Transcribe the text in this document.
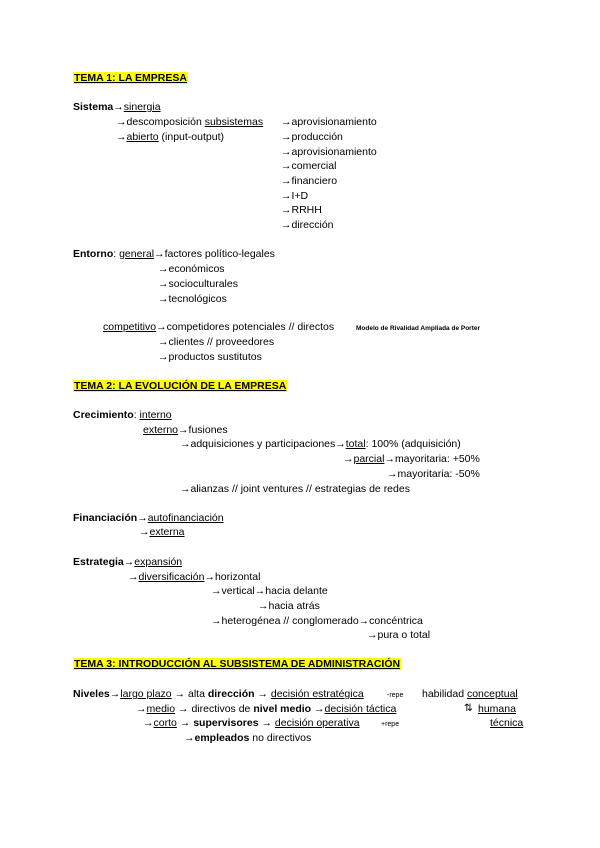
TEMA 1: LA EMPRESA
Sistema→sinergia
→descomposición subsistemas
→abierto (input-output)
→aprovisionamiento
→producción
→aprovisionamiento
→comercial
→financiero
→I+D
→RRHH
→dirección
Entorno: general→factores político-legales
→económicos
→socioculturales
→tecnológicos
competitivo→competidores potenciales // directos	Modelo de Rivalidad Ampliada de Porter
→clientes // proveedores
→productos sustitutos
TEMA 2: LA EVOLUCIÓN DE LA EMPRESA
Crecimiento: interno
externo→fusiones
→adquisiciones y participaciones→total: 100% (adquisición)
→parcial→mayoritaria: +50%
→mayoritaria: -50%
→alianzas // joint ventures // estrategias de redes
Financiación→autofinanciación
→externa
Estrategia→expansión
→diversificación→horizontal
→vertical→hacia delante
→hacia atrás
→heterogénea // conglomerado→concéntrica
→pura o total
TEMA 3: INTRODUCCIÓN AL SUBSISTEMA DE ADMINISTRACIÓN
Niveles→largo plazo → alta dirección → decisión estratégica	-repe habilidad conceptual
→medio → directivos de nivel medio →decisión táctica	⇅ humana
→corto → supervisores → decisión operativa	+repe	técnica
→empleados no directivos
